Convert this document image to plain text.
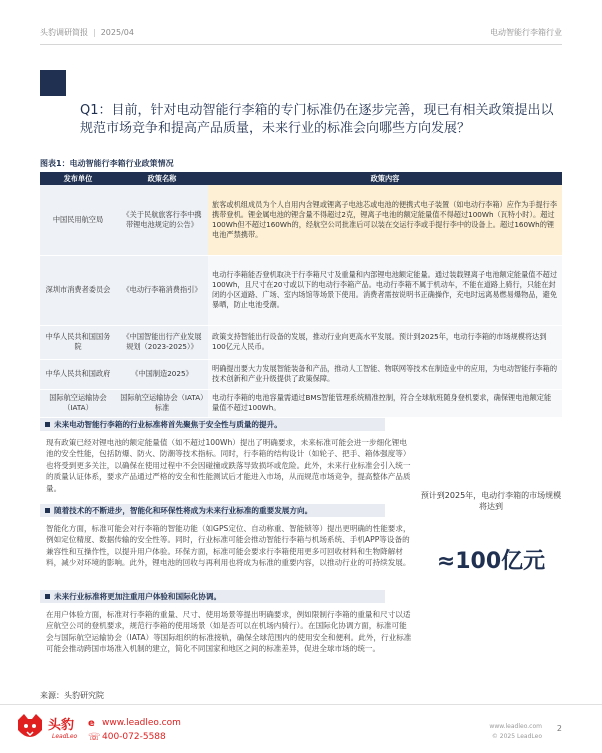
头豹调研简报 | 2025/04	电动智能行李箱行业
Q1：目前，针对电动智能行李箱的专门标准仍在逐步完善，现已有相关政策提出以规范市场竞争和提高产品质量，未来行业的标准会向哪些方向发展？
图表1：电动智能行李箱行业政策情况
发布单位	政策名称	政策内容
中国民用航空局	《关于民航旅客行李中携带锂电池规定的公告》	旅客或机组成员为个人自用内含锂或锂离子电池芯或电池的便携式电子装置（如电动行李箱）应作为手提行李携带登机。锂金属电池的锂含量不得超过2克，锂离子电池的额定能量值不得超过100Wh（瓦特小时）。超过100Wh但不超过160Wh的，经航空公司批准后可以装在交运行李或手提行李中的设备上。超过160Wh的锂电池严禁携带。
深圳市消费者委员会	《电动行李箱消费指引》	电动行李箱能否登机取决于行李箱尺寸及重量和内部锂电池额定能量。通过装载锂离子电池额定能量值不超过100Wh，且尺寸在20寸或以下的电动行李箱产品。电动行李箱不属于机动车，不能在道路上骑行，只能在封闭的小区道路、广场、室内场馆等场景下使用。消费者需按说明书正确操作，充电时远离易燃易爆物品，避免暴晒，防止电池受潮。
中华人民共和国国务院	《中国智能出行产业发展规划（2023-2025）》	政策支持智能出行设备的发展，推动行业向更高水平发展。预计到2025年，电动行李箱的市场规模将达到100亿元人民币。
中华人民共和国政府	《中国制造2025》	明确提出要大力发展智能装备和产品，推动人工智能、物联网等技术在制造业中的应用，为电动智能行李箱的技术创新和产业升级提供了政策保障。
国际航空运输协会（IATA）	国际航空运输协会（IATA）标准	电动行李箱的电池容量需通过BMS智能管理系统精准控制，符合全球航班随身登机要求，确保锂电池额定能量值不超过100Wh。
未来电动智能行李箱的行业标准将首先聚焦于安全性与质量的提升。
现有政策已经对锂电池的额定能量值（如不超过100Wh）提出了明确要求，未来标准可能会进一步细化锂电池的安全性能，包括防爆、防火、防潮等技术指标。同时，行李箱的结构设计（如轮子、把手、箱体强度等）也将受到更多关注，以确保在使用过程中不会因碰撞或跌落导致损坏或危险。此外，未来行业标准会引入统一的质量认证体系，要求产品通过严格的安全和性能测试后才能进入市场，从而规范市场竞争，提高整体产品质量。
随着技术的不断进步，智能化和环保性将成为未来行业标准的重要发展方向。
智能化方面，标准可能会对行李箱的智能功能（如GPS定位、自动称重、智能锁等）提出更明确的性能要求，例如定位精度、数据传输的安全性等。同时，行业标准可能会推动智能行李箱与机场系统、手机APP等设备的兼容性和互操作性，以提升用户体验。环保方面，标准可能会要求行李箱使用更多可回收材料和生物降解材料，减少对环境的影响。此外，锂电池的回收与再利用也将成为标准的重要内容，以推动行业的可持续发展。
未来行业标准将更加注重用户体验和国际化协调。
在用户体验方面，标准对行李箱的重量、尺寸、使用场景等提出明确要求，例如限制行李箱的重量和尺寸以适应航空公司的登机要求，规范行李箱的使用场景（如是否可以在机场内骑行）。在国际化协调方面，标准可能会与国际航空运输协会（IATA）等国际组织的标准接轨，确保全球范围内的使用安全和便利。此外，行业标准可能会推动跨国市场准入机制的建立，简化不同国家和地区之间的标准差异，促进全球市场的统一。
预计到2025年，电动行李箱的市场规模将达到
≈100亿元
来源：头豹研究院
头豹
LeadLeo
e www.leadleo.com
☏ 400-072-5588
www.leadleo.com
© 2025 LeadLeo
2
